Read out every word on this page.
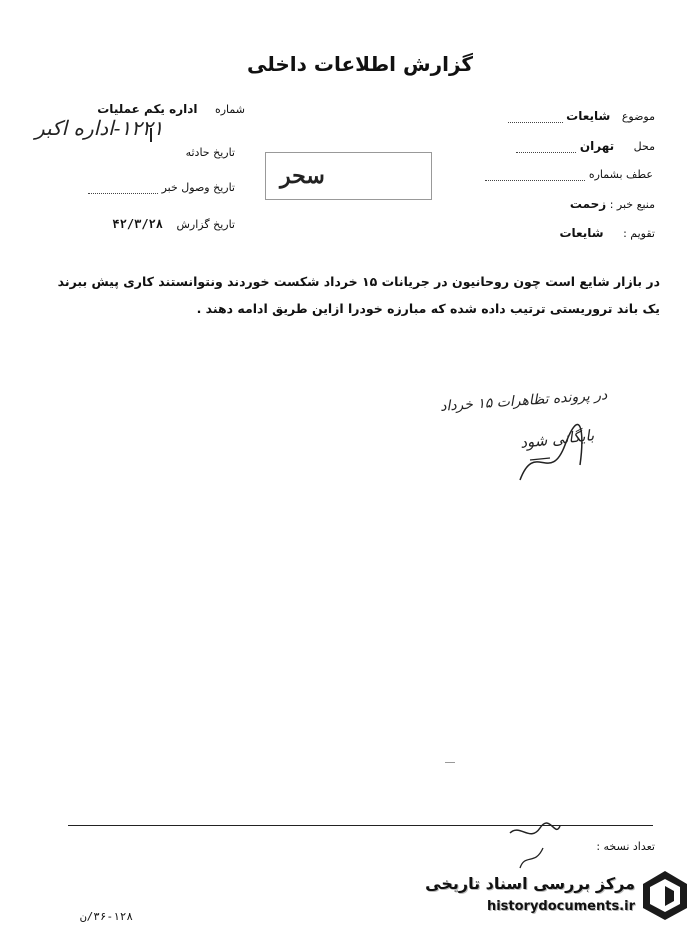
گزارش اطلاعات داخلی
شماره اداره یکم عملیات
۱۲۲۱-اداره اکبر
تاریخ حادثه
تاریخ وصول خبر
تاریخ گزارش ۴۲/۳/۲۸
سحر
موضوع شایعات
محل تهران
عطف بشماره
منبع خبر : زحمت
تقویم : شایعات
در بازار شایع است چون روحانیون در جریانات ۱۵ خرداد شکست خوردند ونتوانستند کاری پیش ببرند
یک باند تروریستی ترتیب داده شده که مبارزه خودرا ازاین طریق ادامه دهند .
در پرونده تظاهرات ۱۵ خرداد
بایگانی شود
تعداد نسخه :
۳۶-۱۲۸/ن
مرکز بررسی اسناد تاریخی
historydocuments.ir
